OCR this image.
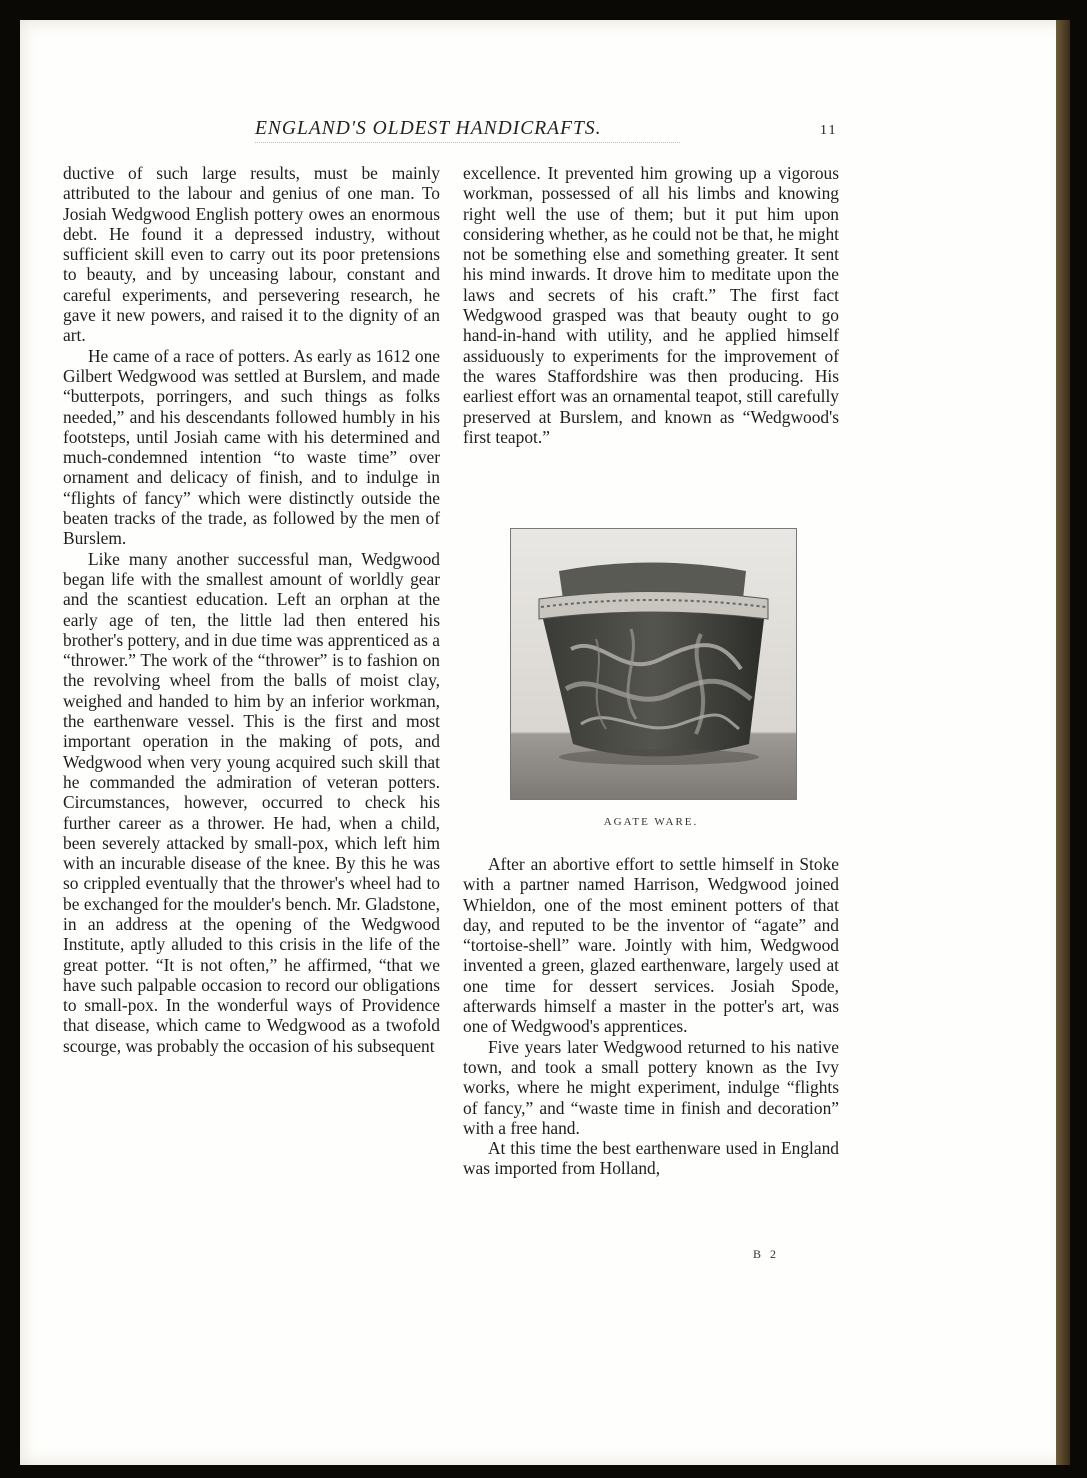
ENGLAND'S OLDEST HANDICRAFTS.	11

ductive of such large results, must be mainly attributed to the labour and genius of one man. To Josiah Wedgwood English pottery owes an enormous debt. He found it a depressed industry, without sufficient skill even to carry out its poor pretensions to beauty, and by unceasing labour, constant and careful experiments, and persevering research, he gave it new powers, and raised it to the dignity of an art.

He came of a race of potters. As early as 1612 one Gilbert Wedgwood was settled at Burslem, and made “butterpots, porringers, and such things as folks needed,” and his descendants followed humbly in his footsteps, until Josiah came with his determined and much-condemned intention “to waste time” over ornament and delicacy of finish, and to indulge in “flights of fancy” which were distinctly outside the beaten tracks of the trade, as followed by the men of Burslem.

Like many another successful man, Wedgwood began life with the smallest amount of worldly gear and the scantiest education. Left an orphan at the early age of ten, the little lad then entered his brother's pottery, and in due time was apprenticed as a “thrower.” The work of the “thrower” is to fashion on the revolving wheel from the balls of moist clay, weighed and handed to him by an inferior workman, the earthenware vessel. This is the first and most important operation in the making of pots, and Wedgwood when very young acquired such skill that he commanded the admiration of veteran potters. Circumstances, however, occurred to check his further career as a thrower. He had, when a child, been severely attacked by small-pox, which left him with an incurable disease of the knee. By this he was so crippled eventually that the thrower's wheel had to be exchanged for the moulder's bench. Mr. Gladstone, in an address at the opening of the Wedgwood Institute, aptly alluded to this crisis in the life of the great potter. “It is not often,” he affirmed, “that we have such palpable occasion to record our obligations to small-pox. In the wonderful ways of Providence that disease, which came to Wedgwood as a twofold scourge, was probably the occasion of his subsequent

excellence. It prevented him growing up a vigorous workman, possessed of all his limbs and knowing right well the use of them; but it put him upon considering whether, as he could not be that, he might not be something else and something greater. It sent his mind inwards. It drove him to meditate upon the laws and secrets of his craft.” The first fact Wedgwood grasped was that beauty ought to go hand-in-hand with utility, and he applied himself assiduously to experiments for the improvement of the wares Staffordshire was then producing. His earliest effort was an ornamental teapot, still carefully preserved at Burslem, and known as “Wedgwood's first teapot.”

AGATE WARE.

After an abortive effort to settle himself in Stoke with a partner named Harrison, Wedgwood joined Whieldon, one of the most eminent potters of that day, and reputed to be the inventor of “agate” and “tortoise-shell” ware. Jointly with him, Wedgwood invented a green, glazed earthenware, largely used at one time for dessert services. Josiah Spode, afterwards himself a master in the potter's art, was one of Wedgwood's apprentices.

Five years later Wedgwood returned to his native town, and took a small pottery known as the Ivy works, where he might experiment, indulge “flights of fancy,” and “waste time in finish and decoration” with a free hand.

At this time the best earthenware used in England was imported from Holland,

B 2
